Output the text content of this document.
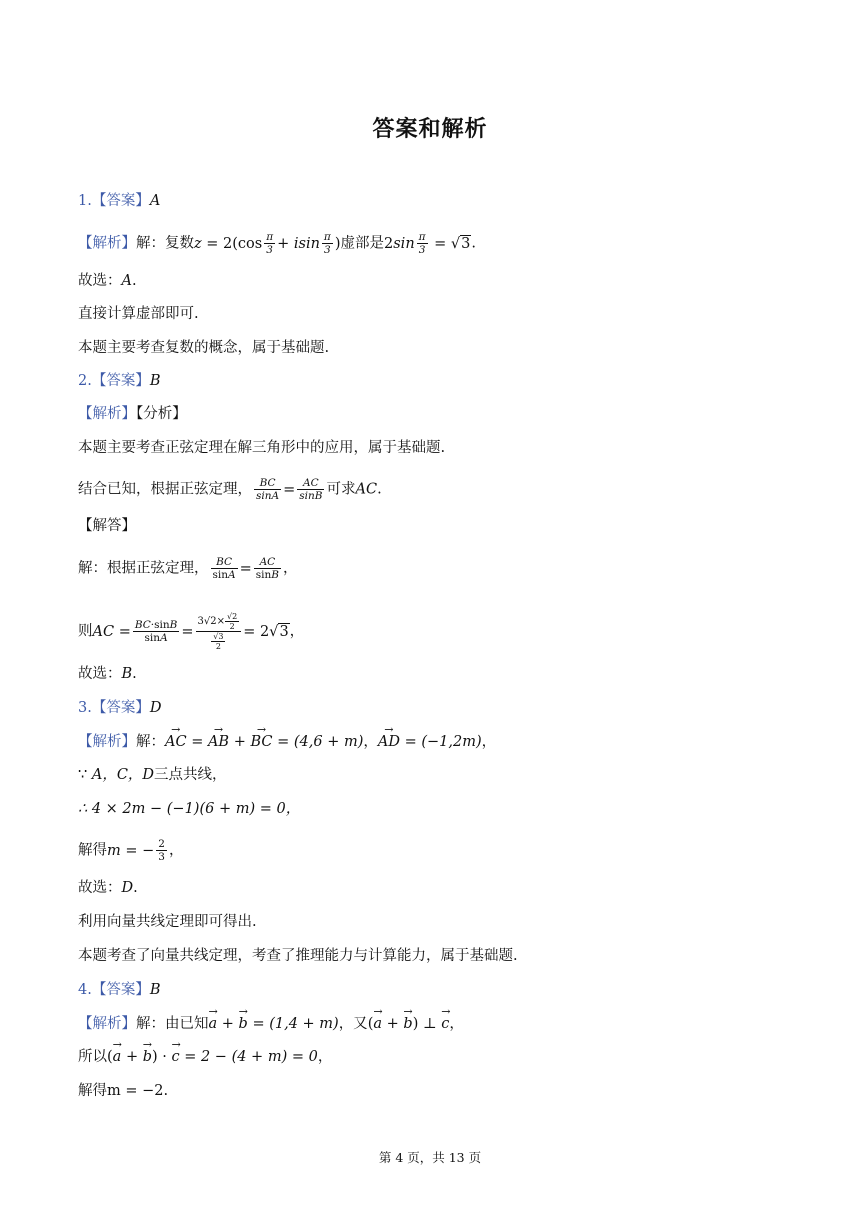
答案和解析
1.【答案】A
【解析】解：复数$z = 2(\cos \frac{\pi}{3} + isin \frac{\pi}{3}$ )虚部是$2\sin \frac{\pi}{3} = √3$.
故选：A.
直接计算虚部即可.
本题主要考查复数的概念，属于基础题.
2.【答案】B
【解析】【分析】
本题主要考查正弦定理在解三角形中的应用，属于基础题.
结合已知，根据正弦定理， $\frac{BC}{\sin A} = \frac{AC}{\sin B}$ 可求AC.
【解答】
解：根据正弦定理， $\frac{BC}{\sin A} = \frac{AC}{\sin B}$ ，
则AC = $\frac{BC\cdot\sin B}{\sin A} = \frac{3√2\times \frac{√2}{2}}{\frac{√3}{2}} = 2√3$，
故选：B.
3.【答案】D
【解析】解：→ AC = → AB + → BC = (4,6 + m)，→ AD = (−1,2m)，
∵ A，C，D三点共线，
∴ 4 × 2m − (−1)(6 + m) = 0，
解得m = − $\frac{2}{3}$ ，
故选：D.
利用向量共线定理即可得出.
本题考查了向量共线定理，考查了推理能力与计算能力，属于基础题.
4.【答案】B
【解析】解：由已知→ a + → b = (1,4 + m)，又(→ a + → b) ⊥ → c，
所以(→ a + → b) · → c = 2 − (4 + m) = 0，
解得m = −2.
第 4 页，共 13 页
